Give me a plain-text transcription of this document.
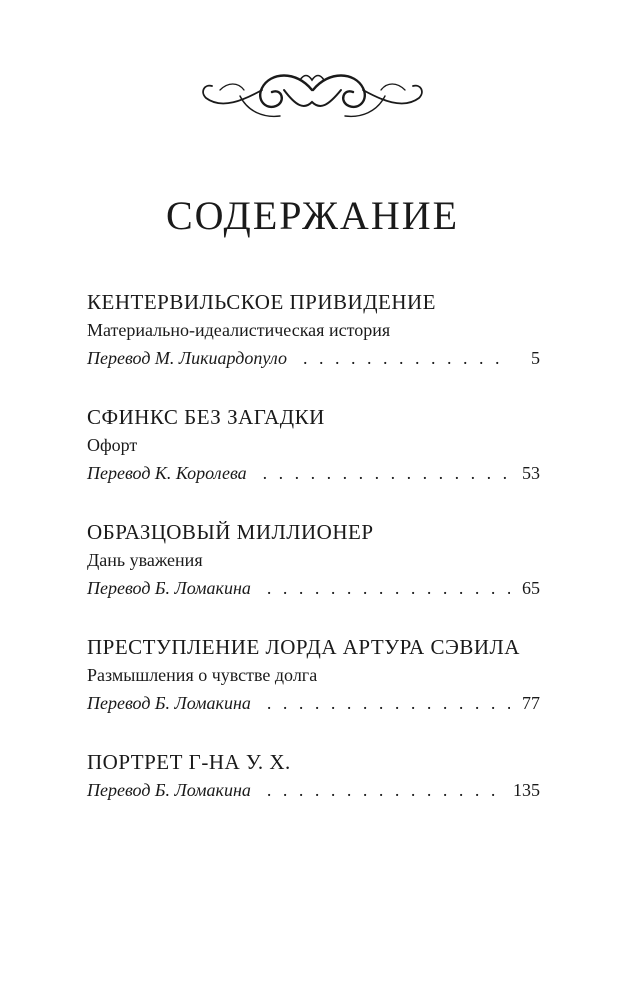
СОДЕРЖАНИЕ
КЕНТЕРВИЛЬСКОЕ ПРИВИДЕНИЕ
Материально-идеалистическая история
Перевод М. Ликиардопуло . . .	5
СФИНКС БЕЗ ЗАГАДКИ
Офорт
Перевод К. Королева . . .	53
ОБРАЗЦОВЫЙ МИЛЛИОНЕР
Дань уважения
Перевод Б. Ломакина . . .	65
ПРЕСТУПЛЕНИЕ ЛОРДА АРТУРА СЭВИЛА
Размышления о чувстве долга
Перевод Б. Ломакина . . .	77
ПОРТРЕТ Г-НА У. Х.
Перевод Б. Ломакина . . .	135
